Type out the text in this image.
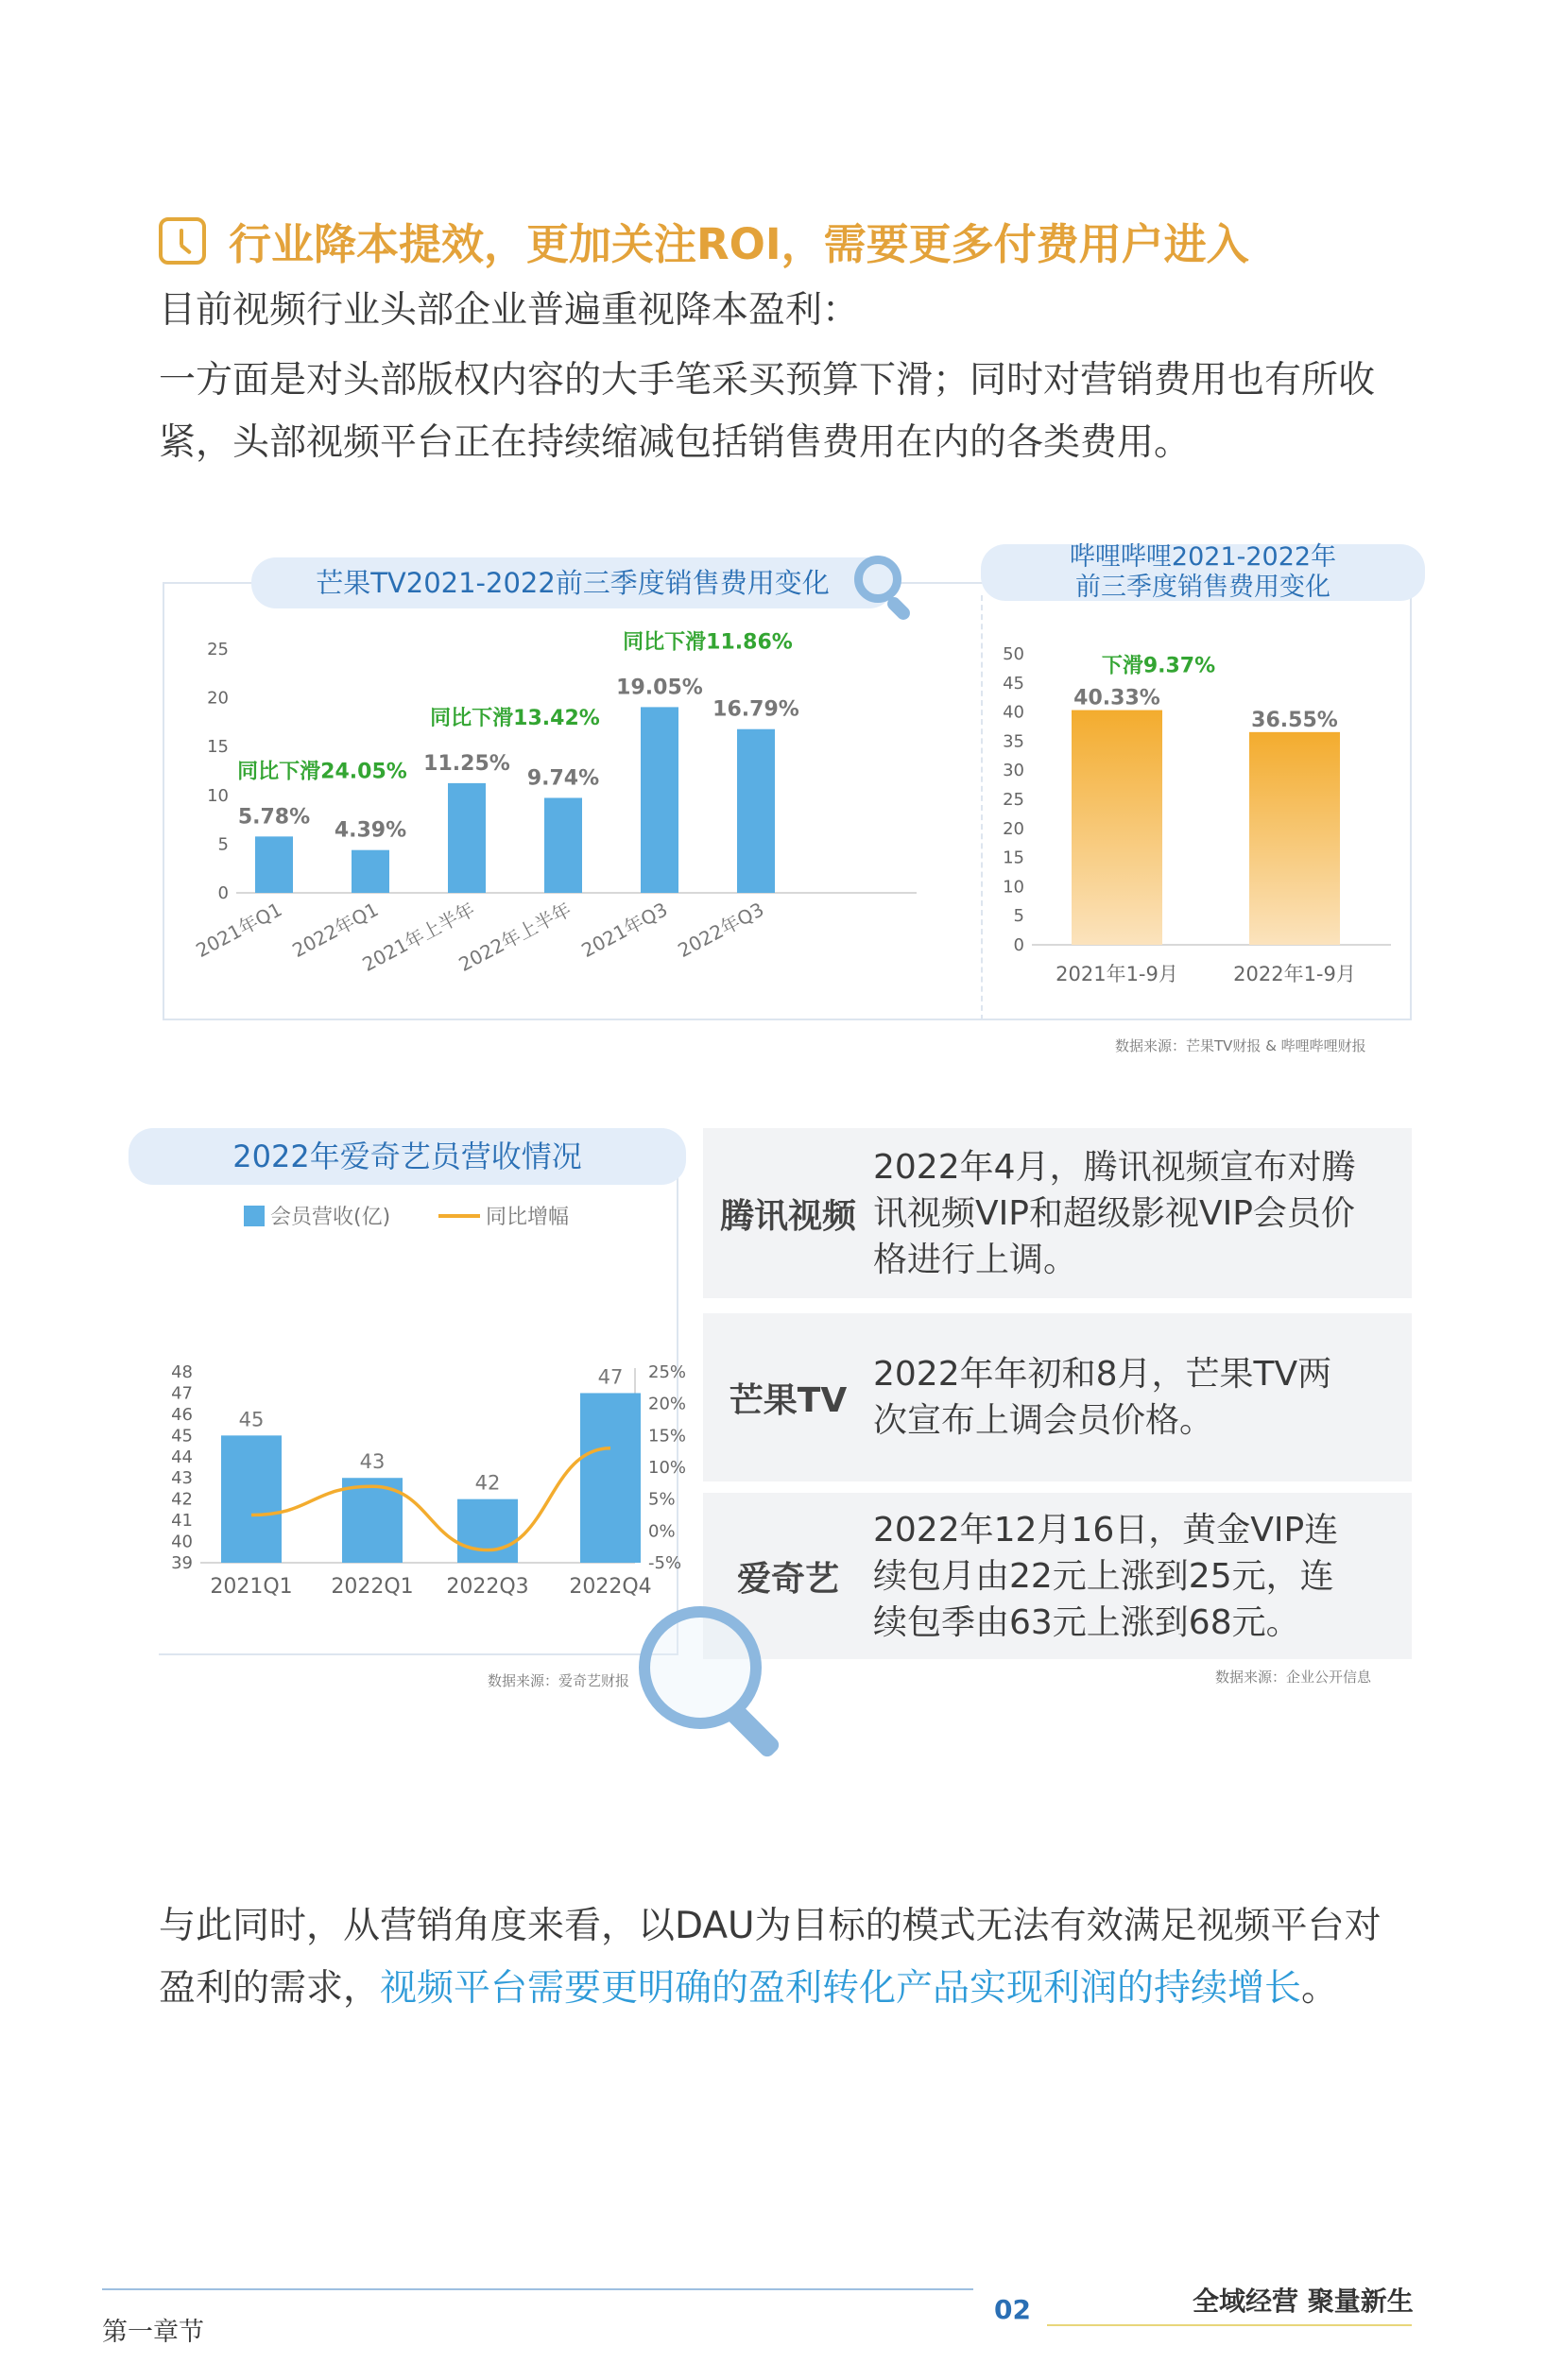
行业降本提效，更加关注ROI，需要更多付费用户进入
目前视频行业头部企业普遍重视降本盈利：
一方面是对头部版权内容的大手笔采买预算下滑；同时对营销费用也有所收紧，头部视频平台正在持续缩减包括销售费用在内的各类费用。
芒果TV2021-2022前三季度销售费用变化
0
5
10
15
20
25
5.78%
2021年Q1
4.39%
2022年Q1
11.25%
2021年上半年
9.74%
2022年上半年
19.05%
2021年Q3
16.79%
2022年Q3
同比下滑24.05%
同比下滑13.42%
同比下滑11.86%
哔哩哔哩2021-2022年前三季度销售费用变化
0
5
10
15
20
25
30
35
40
45
50
40.33%
2021年1-9月
36.55%
2022年1-9月
下滑9.37%
数据来源：芒果TV财报 & 哔哩哔哩财报
2022年爱奇艺员营收情况
39
40
41
42
43
44
45
46
47
48
-5%
0%
5%
10%
15%
20%
25%
会员营收(亿)	同比增幅
45
2021Q1
43
2022Q1
42
2022Q3
47
2022Q4
数据来源：爱奇艺财报
腾讯视频
2022年4月，腾讯视频宣布对腾讯视频VIP和超级影视VIP会员价格进行上调。
芒果TV
2022年年初和8月，芒果TV两次宣布上调会员价格。
爱奇艺
2022年12月16日，黄金VIP连续包月由22元上涨到25元，连续包季由63元上涨到68元。
数据来源：企业公开信息
与此同时，从营销角度来看，以DAU为目标的模式无法有效满足视频平台对盈利的需求，视频平台需要更明确的盈利转化产品实现利润的持续增长。
第一章节
02	全域经营 聚量新生
